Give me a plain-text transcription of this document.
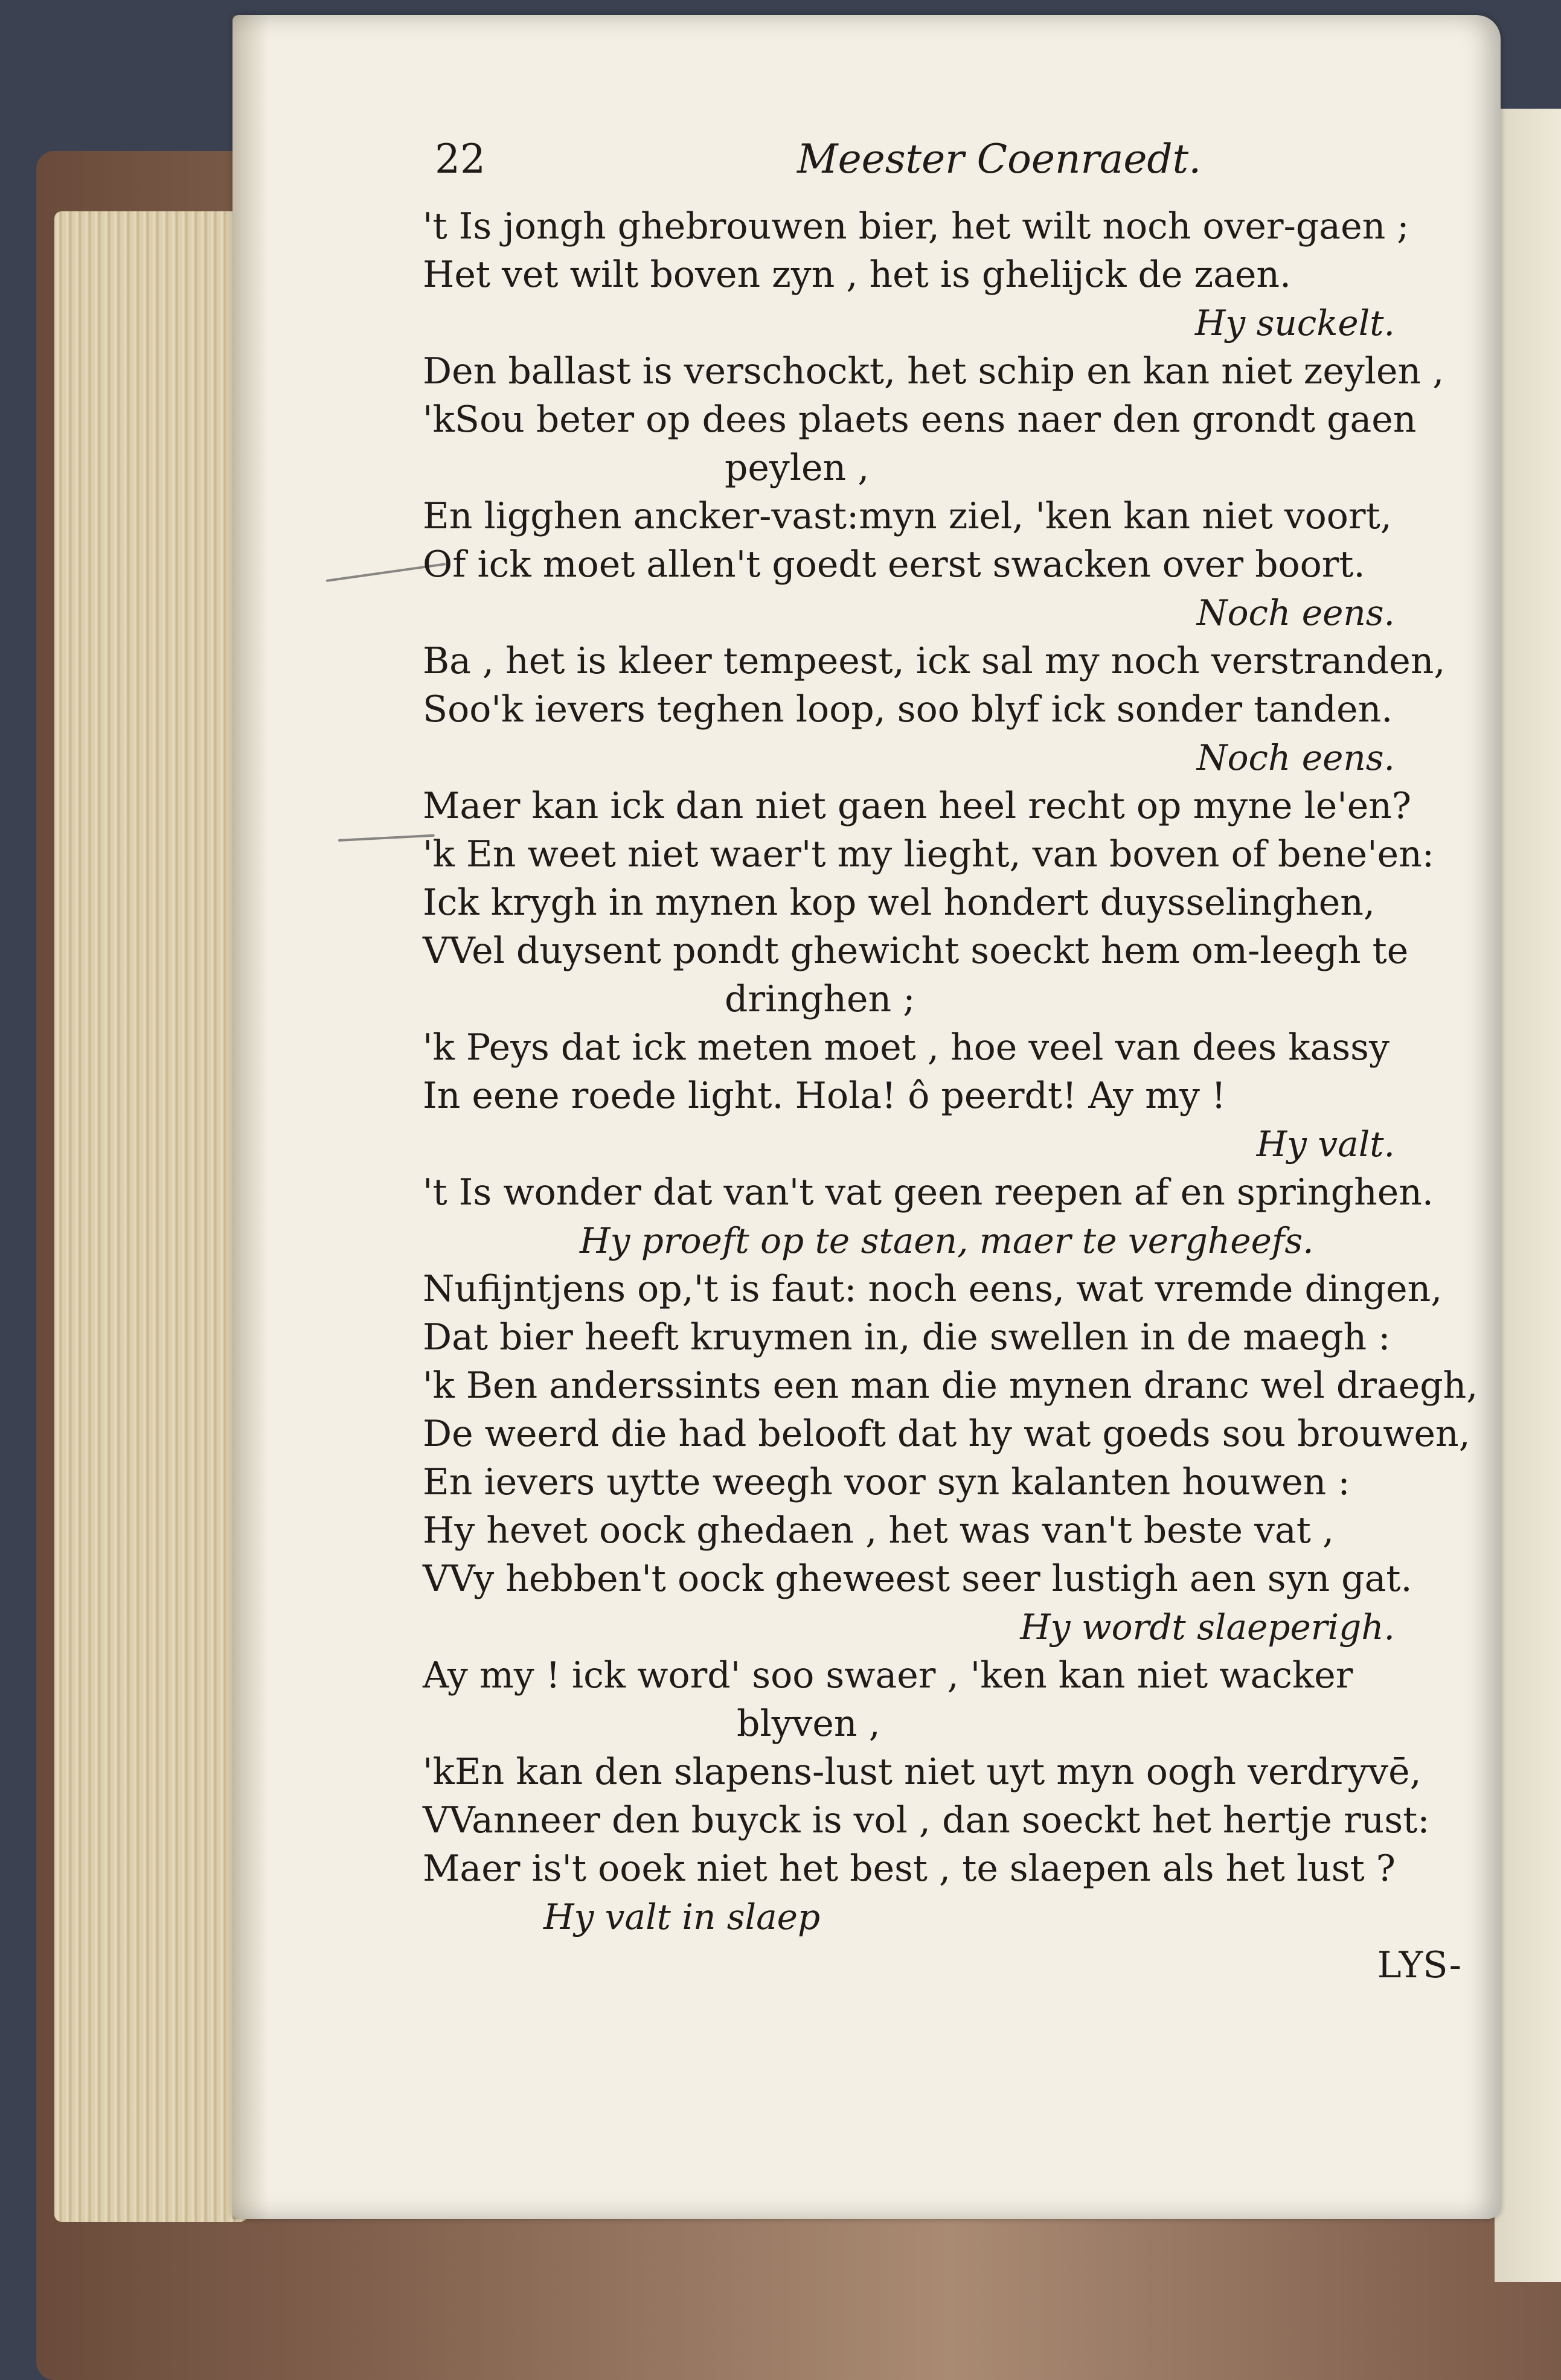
22	Meester Coenraedt.
't Is jongh ghebrouwen bier, het wilt noch over-gaen ;
Het vet wilt boven zyn , het is ghelijck de zaen.
Hy suckelt.
Den ballast is verschockt, het schip en kan niet zeylen ,
'kSou beter op dees plaets eens naer den grondt gaen
peylen ,
En ligghen ancker-vast:myn ziel, 'ken kan niet voort,
Of ick moet allen't goedt eerst swacken over boort.
Noch eens.
Ba , het is kleer tempeest, ick sal my noch verstranden,
Soo'k ievers teghen loop, soo blyf ick sonder tanden.
Noch eens.
Maer kan ick dan niet gaen heel recht op myne le'en?
'k En weet niet waer't my lieght, van boven of bene'en:
Ick krygh in mynen kop wel hondert duysselinghen,
VVel duysent pondt ghewicht soeckt hem om-leegh te
dringhen ;
'k Peys dat ick meten moet , hoe veel van dees kassy
In eene roede light. Hola! ô peerdt! Ay my !
Hy valt.
't Is wonder dat van't vat geen reepen af en springhen.
Hy proeft op te staen, maer te vergheefs.
Nufijntjens op,'t is faut: noch eens, wat vremde dingen,
Dat bier heeft kruymen in, die swellen in de maegh :
'k Ben anderssints een man die mynen dranc wel draegh,
De weerd die had belooft dat hy wat goeds sou brouwen,
En ievers uytte weegh voor syn kalanten houwen :
Hy hevet oock ghedaen , het was van't beste vat ,
VVy hebben't oock gheweest seer lustigh aen syn gat.
Hy wordt slaeperigh.
Ay my ! ick word' soo swaer , 'ken kan niet wacker
blyven ,
'kEn kan den slapens-lust niet uyt myn oogh verdryvē,
VVanneer den buyck is vol , dan soeckt het hertje rust:
Maer is't ooek niet het best , te slaepen als het lust ?
Hy valt in slaep
LYS-
